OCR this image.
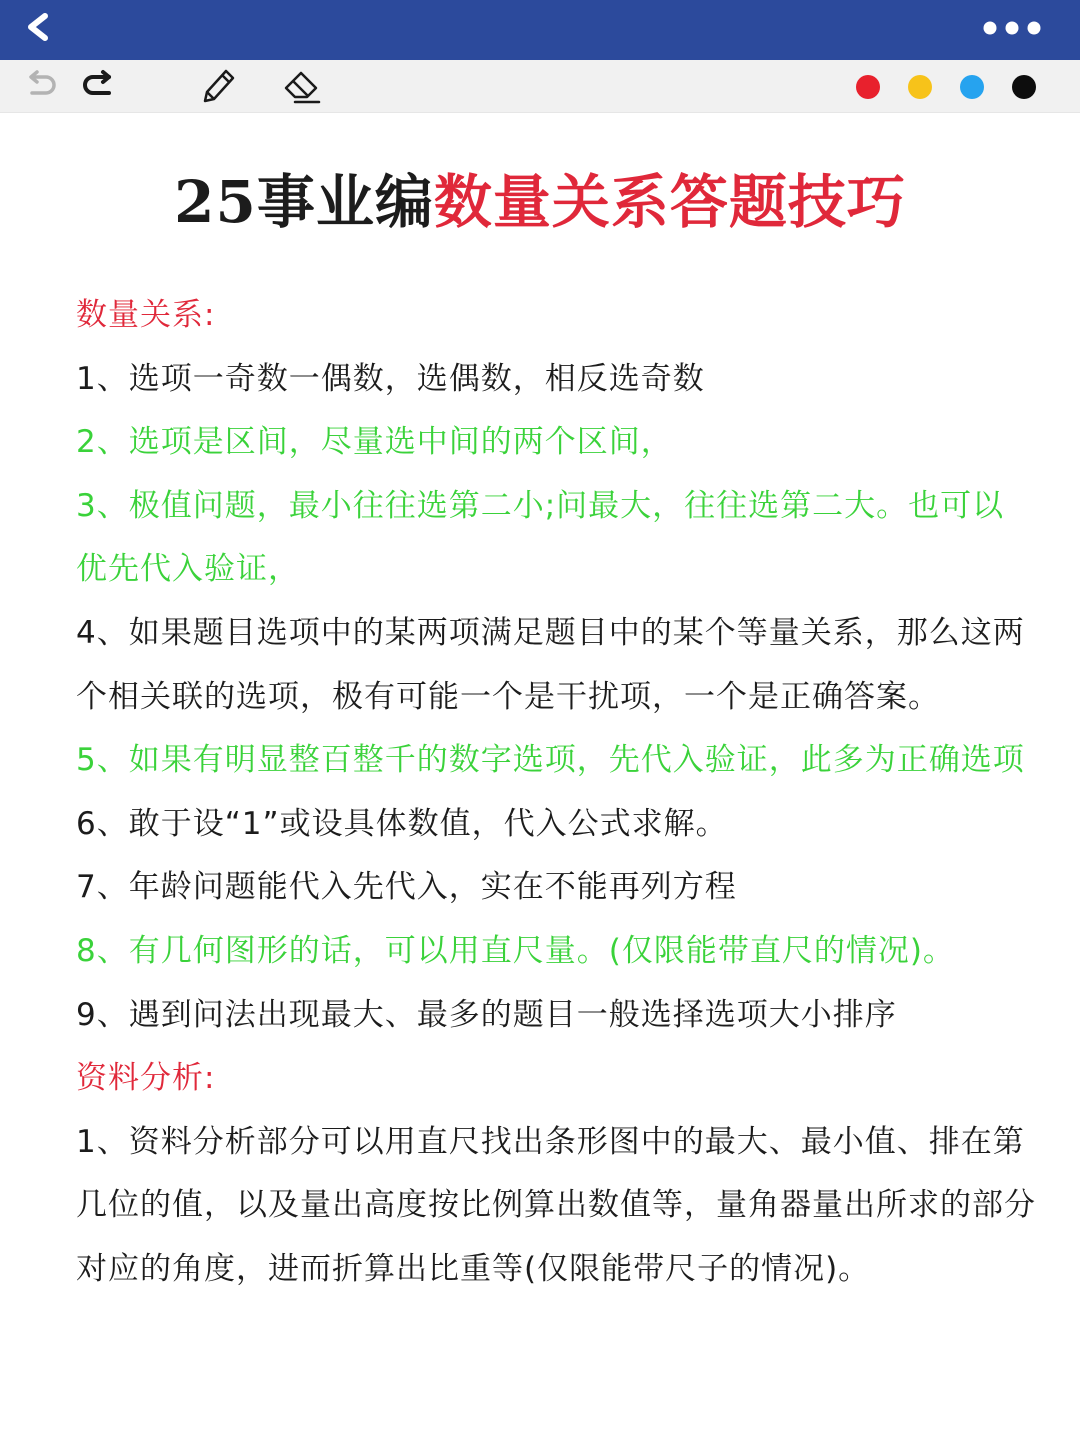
25事业编数量关系答题技巧

数量关系:

1、选项一奇数一偶数，选偶数，相反选奇数

2、选项是区间，尽量选中间的两个区间，

3、极值问题，最小往往选第二小;问最大，往往选第二大。也可以优先代入验证，

4、如果题目选项中的某两项满足题目中的某个等量关系，那么这两个相关联的选项，极有可能一个是干扰项，一个是正确答案。

5、如果有明显整百整千的数字选项，先代入验证，此多为正确选项

6、敢于设“1”或设具体数值，代入公式求解。

7、年龄问题能代入先代入，实在不能再列方程

8、有几何图形的话，可以用直尺量。(仅限能带直尺的情况)。

9、遇到问法出现最大、最多的题目一般选择选项大小排序

资料分析:

1、资料分析部分可以用直尺找出条形图中的最大、最小值、排在第几位的值，以及量出高度按比例算出数值等，量角器量出所求的部分对应的角度，进而折算出比重等(仅限能带尺子的情况)。
